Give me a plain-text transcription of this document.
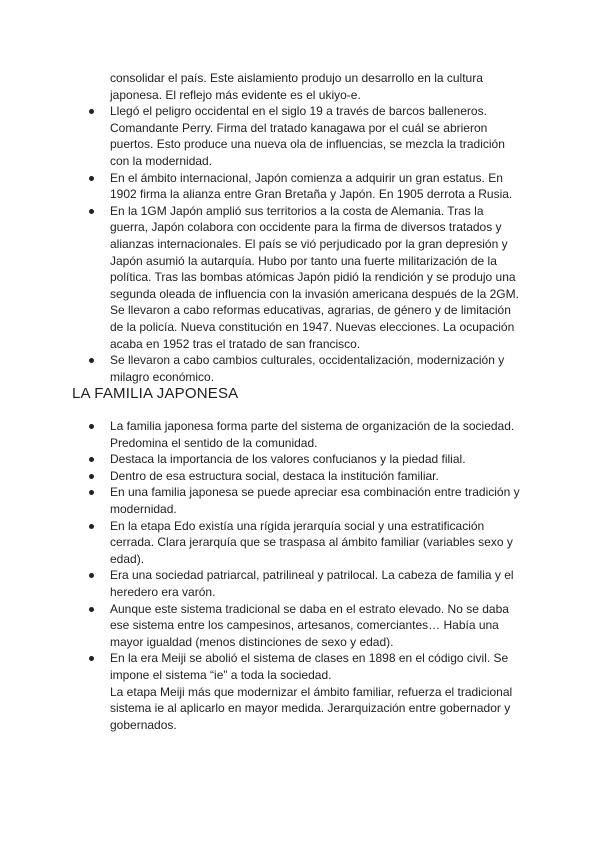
consolidar el país. Este aislamiento produjo un desarrollo en la cultura
japonesa. El reflejo más evidente es el ukiyo-e.
Llegó el peligro occidental en el siglo 19 a través de barcos balleneros.
Comandante Perry. Firma del tratado kanagawa por el cuál se abrieron
puertos. Esto produce una nueva ola de influencias, se mezcla la tradición
con la modernidad.
En el ámbito internacional, Japón comienza a adquirir un gran estatus. En
1902 firma la alianza entre Gran Bretaña y Japón. En 1905 derrota a Rusia.
En la 1GM Japón amplió sus territorios a la costa de Alemania. Tras la
guerra, Japón colabora con occidente para la firma de diversos tratados y
alianzas internacionales. El país se vió perjudicado por la gran depresión y
Japón asumió la autarquía. Hubo por tanto una fuerte militarización de la
política. Tras las bombas atómicas Japón pidió la rendición y se produjo una
segunda oleada de influencia con la invasión americana después de la 2GM.
Se llevaron a cabo reformas educativas, agrarias, de género y de limitación
de la policía. Nueva constitución en 1947. Nuevas elecciones. La ocupación
acaba en 1952 tras el tratado de san francisco.
Se llevaron a cabo cambios culturales, occidentalización, modernización y
milagro económico.
LA FAMILIA JAPONESA
La familia japonesa forma parte del sistema de organización de la sociedad.
Predomina el sentido de la comunidad.
Destaca la importancia de los valores confucianos y la piedad filial.
Dentro de esa estructura social, destaca la institución familiar.
En una familia japonesa se puede apreciar esa combinación entre tradición y
modernidad.
En la etapa Edo existía una rígida jerarquía social y una estratificación
cerrada. Clara jerarquía que se traspasa al ámbito familiar (variables sexo y
edad).
Era una sociedad patriarcal, patrilineal y patrilocal. La cabeza de familia y el
heredero era varón.
Aunque este sistema tradicional se daba en el estrato elevado. No se daba
ese sistema entre los campesinos, artesanos, comerciantes… Había una
mayor igualdad (menos distinciones de sexo y edad).
En la era Meiji se abolió el sistema de clases en 1898 en el código civil. Se
impone el sistema “ie” a toda la sociedad.
La etapa Meiji más que modernizar el ámbito familiar, refuerza el tradicional
sistema ie al aplicarlo en mayor medida. Jerarquización entre gobernador y
gobernados.
